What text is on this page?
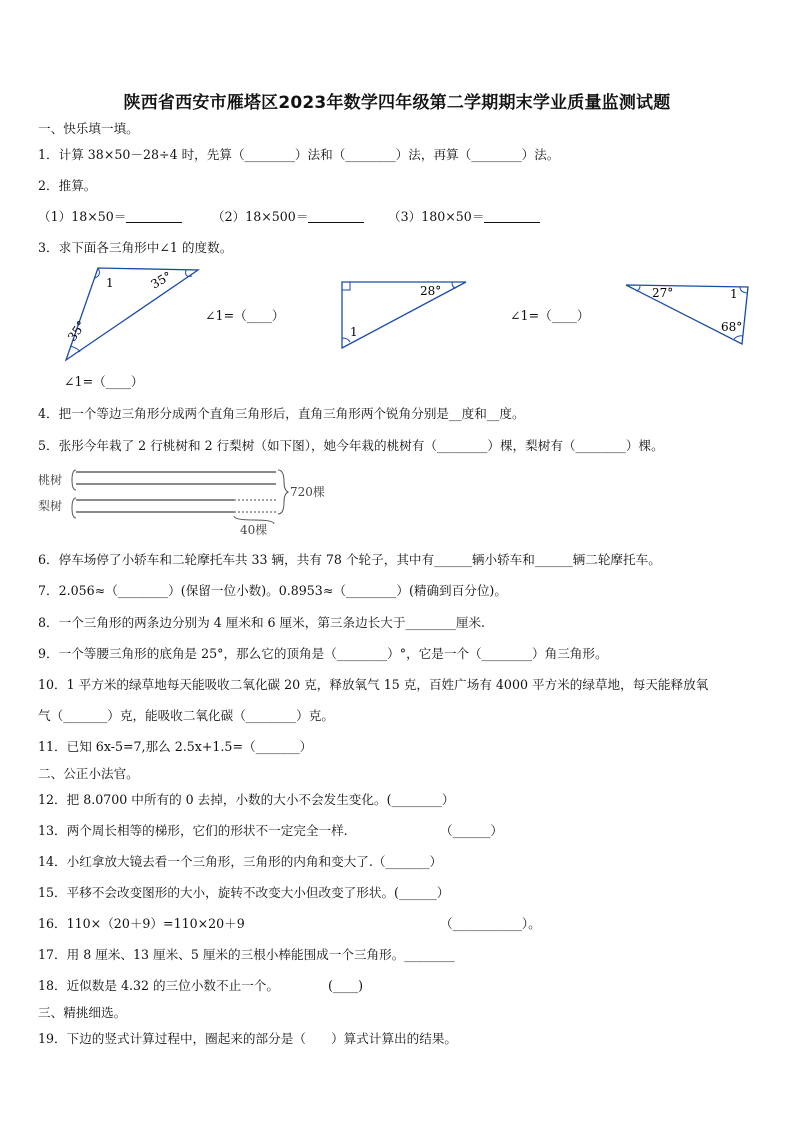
陕西省西安市雁塔区2023年数学四年级第二学期期末学业质量监测试题
一、快乐填一填。
1．计算 38×50－28÷4 时，先算（________）法和（________）法，再算（________）法。
2．推算。
（1）18×50＝	（2）18×500＝	（3）180×50＝
3．求下面各三角形中∠1 的度数。
1	35°
35°
28°
1
27°	1
68°
∠1=（____）	∠1=（____）
∠1=（____）
4．把一个等边三角形分成两个直角三角形后，直角三角形两个锐角分别是__度和__度。
5．张彤今年栽了 2 行桃树和 2 行梨树（如下图），她今年栽的桃树有（________）棵，梨树有（________）棵。
桃树
梨树
720棵
40棵
6．停车场停了小轿车和二轮摩托车共 33 辆，共有 78 个轮子，其中有______辆小轿车和______辆二轮摩托车。
7．2.056≈（________）(保留一位小数)。0.8953≈（________）(精确到百分位)。
8．一个三角形的两条边分别为 4 厘米和 6 厘米，第三条边长大于________厘米.
9．一个等腰三角形的底角是 25°，那么它的顶角是（________）°，它是一个（________）角三角形。
10．1 平方米的绿草地每天能吸收二氧化碳 20 克，释放氧气 15 克，百姓广场有 4000 平方米的绿草地，每天能释放氧
气（_______）克，能吸收二氧化碳（________）克。
11．已知 6x-5=7,那么 2.5x+1.5=（_______）
二、公正小法官。
12．把 8.0700 中所有的 0 去掉，小数的大小不会发生变化。(________）
13．两个周长相等的梯形，它们的形状不一定完全一样.	（______）
14．小红拿放大镜去看一个三角形，三角形的内角和变大了.（_______）
15．平移不会改变图形的大小，旋转不改变大小但改变了形状。(______）
16．110×（20＋9）=110×20＋9	（___________）。
17．用 8 厘米、13 厘米、5 厘米的三根小棒能围成一个三角形。________
18．近似数是 4.32 的三位小数不止一个。	(____)
三、精挑细选。
19．下边的竖式计算过程中，圈起来的部分是（　　）算式计算出的结果。
